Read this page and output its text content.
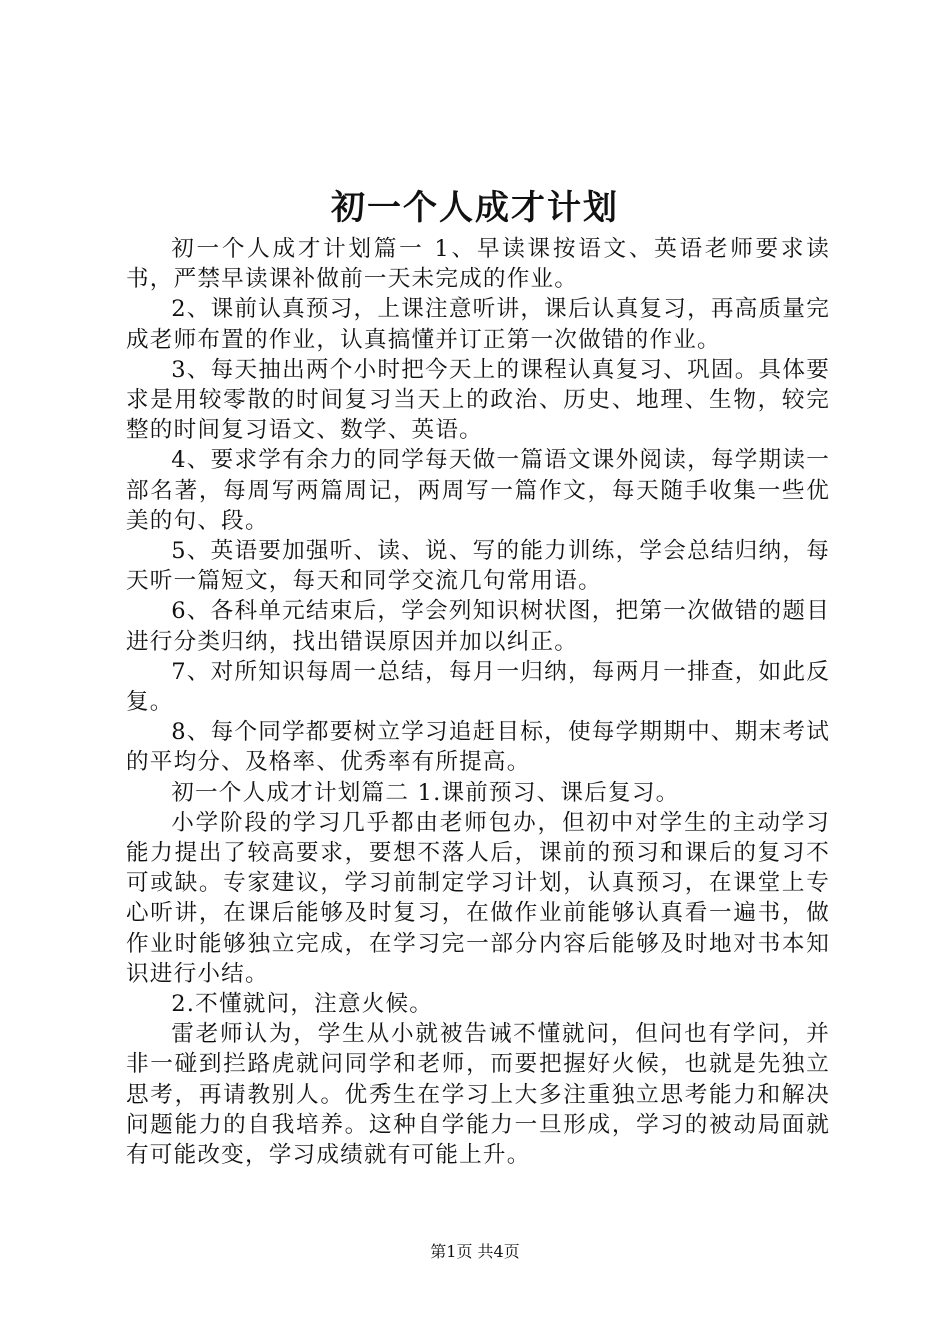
初一个人成才计划

初一个人成才计划篇一 1、早读课按语文、英语老师要求读书，严禁早读课补做前一天未完成的作业。

2、课前认真预习，上课注意听讲，课后认真复习，再高质量完成老师布置的作业，认真搞懂并订正第一次做错的作业。

3、每天抽出两个小时把今天上的课程认真复习、巩固。具体要求是用较零散的时间复习当天上的政治、历史、地理、生物，较完整的时间复习语文、数学、英语。

4、要求学有余力的同学每天做一篇语文课外阅读，每学期读一部名著，每周写两篇周记，两周写一篇作文，每天随手收集一些优美的句、段。

5、英语要加强听、读、说、写的能力训练，学会总结归纳，每天听一篇短文，每天和同学交流几句常用语。

6、各科单元结束后，学会列知识树状图，把第一次做错的题目进行分类归纳，找出错误原因并加以纠正。

7、对所知识每周一总结，每月一归纳，每两月一排查，如此反复。

8、每个同学都要树立学习追赶目标，使每学期期中、期末考试的平均分、及格率、优秀率有所提高。

初一个人成才计划篇二 1.课前预习、课后复习。

小学阶段的学习几乎都由老师包办，但初中对学生的主动学习能力提出了较高要求，要想不落人后，课前的预习和课后的复习不可或缺。专家建议，学习前制定学习计划，认真预习，在课堂上专心听讲，在课后能够及时复习，在做作业前能够认真看一遍书，做作业时能够独立完成，在学习完一部分内容后能够及时地对书本知识进行小结。

2.不懂就问，注意火候。

雷老师认为，学生从小就被告诫不懂就问，但问也有学问，并非一碰到拦路虎就问同学和老师，而要把握好火候，也就是先独立思考，再请教别人。优秀生在学习上大多注重独立思考能力和解决问题能力的自我培养。这种自学能力一旦形成，学习的被动局面就有可能改变，学习成绩就有可能上升。

第1页 共4页
